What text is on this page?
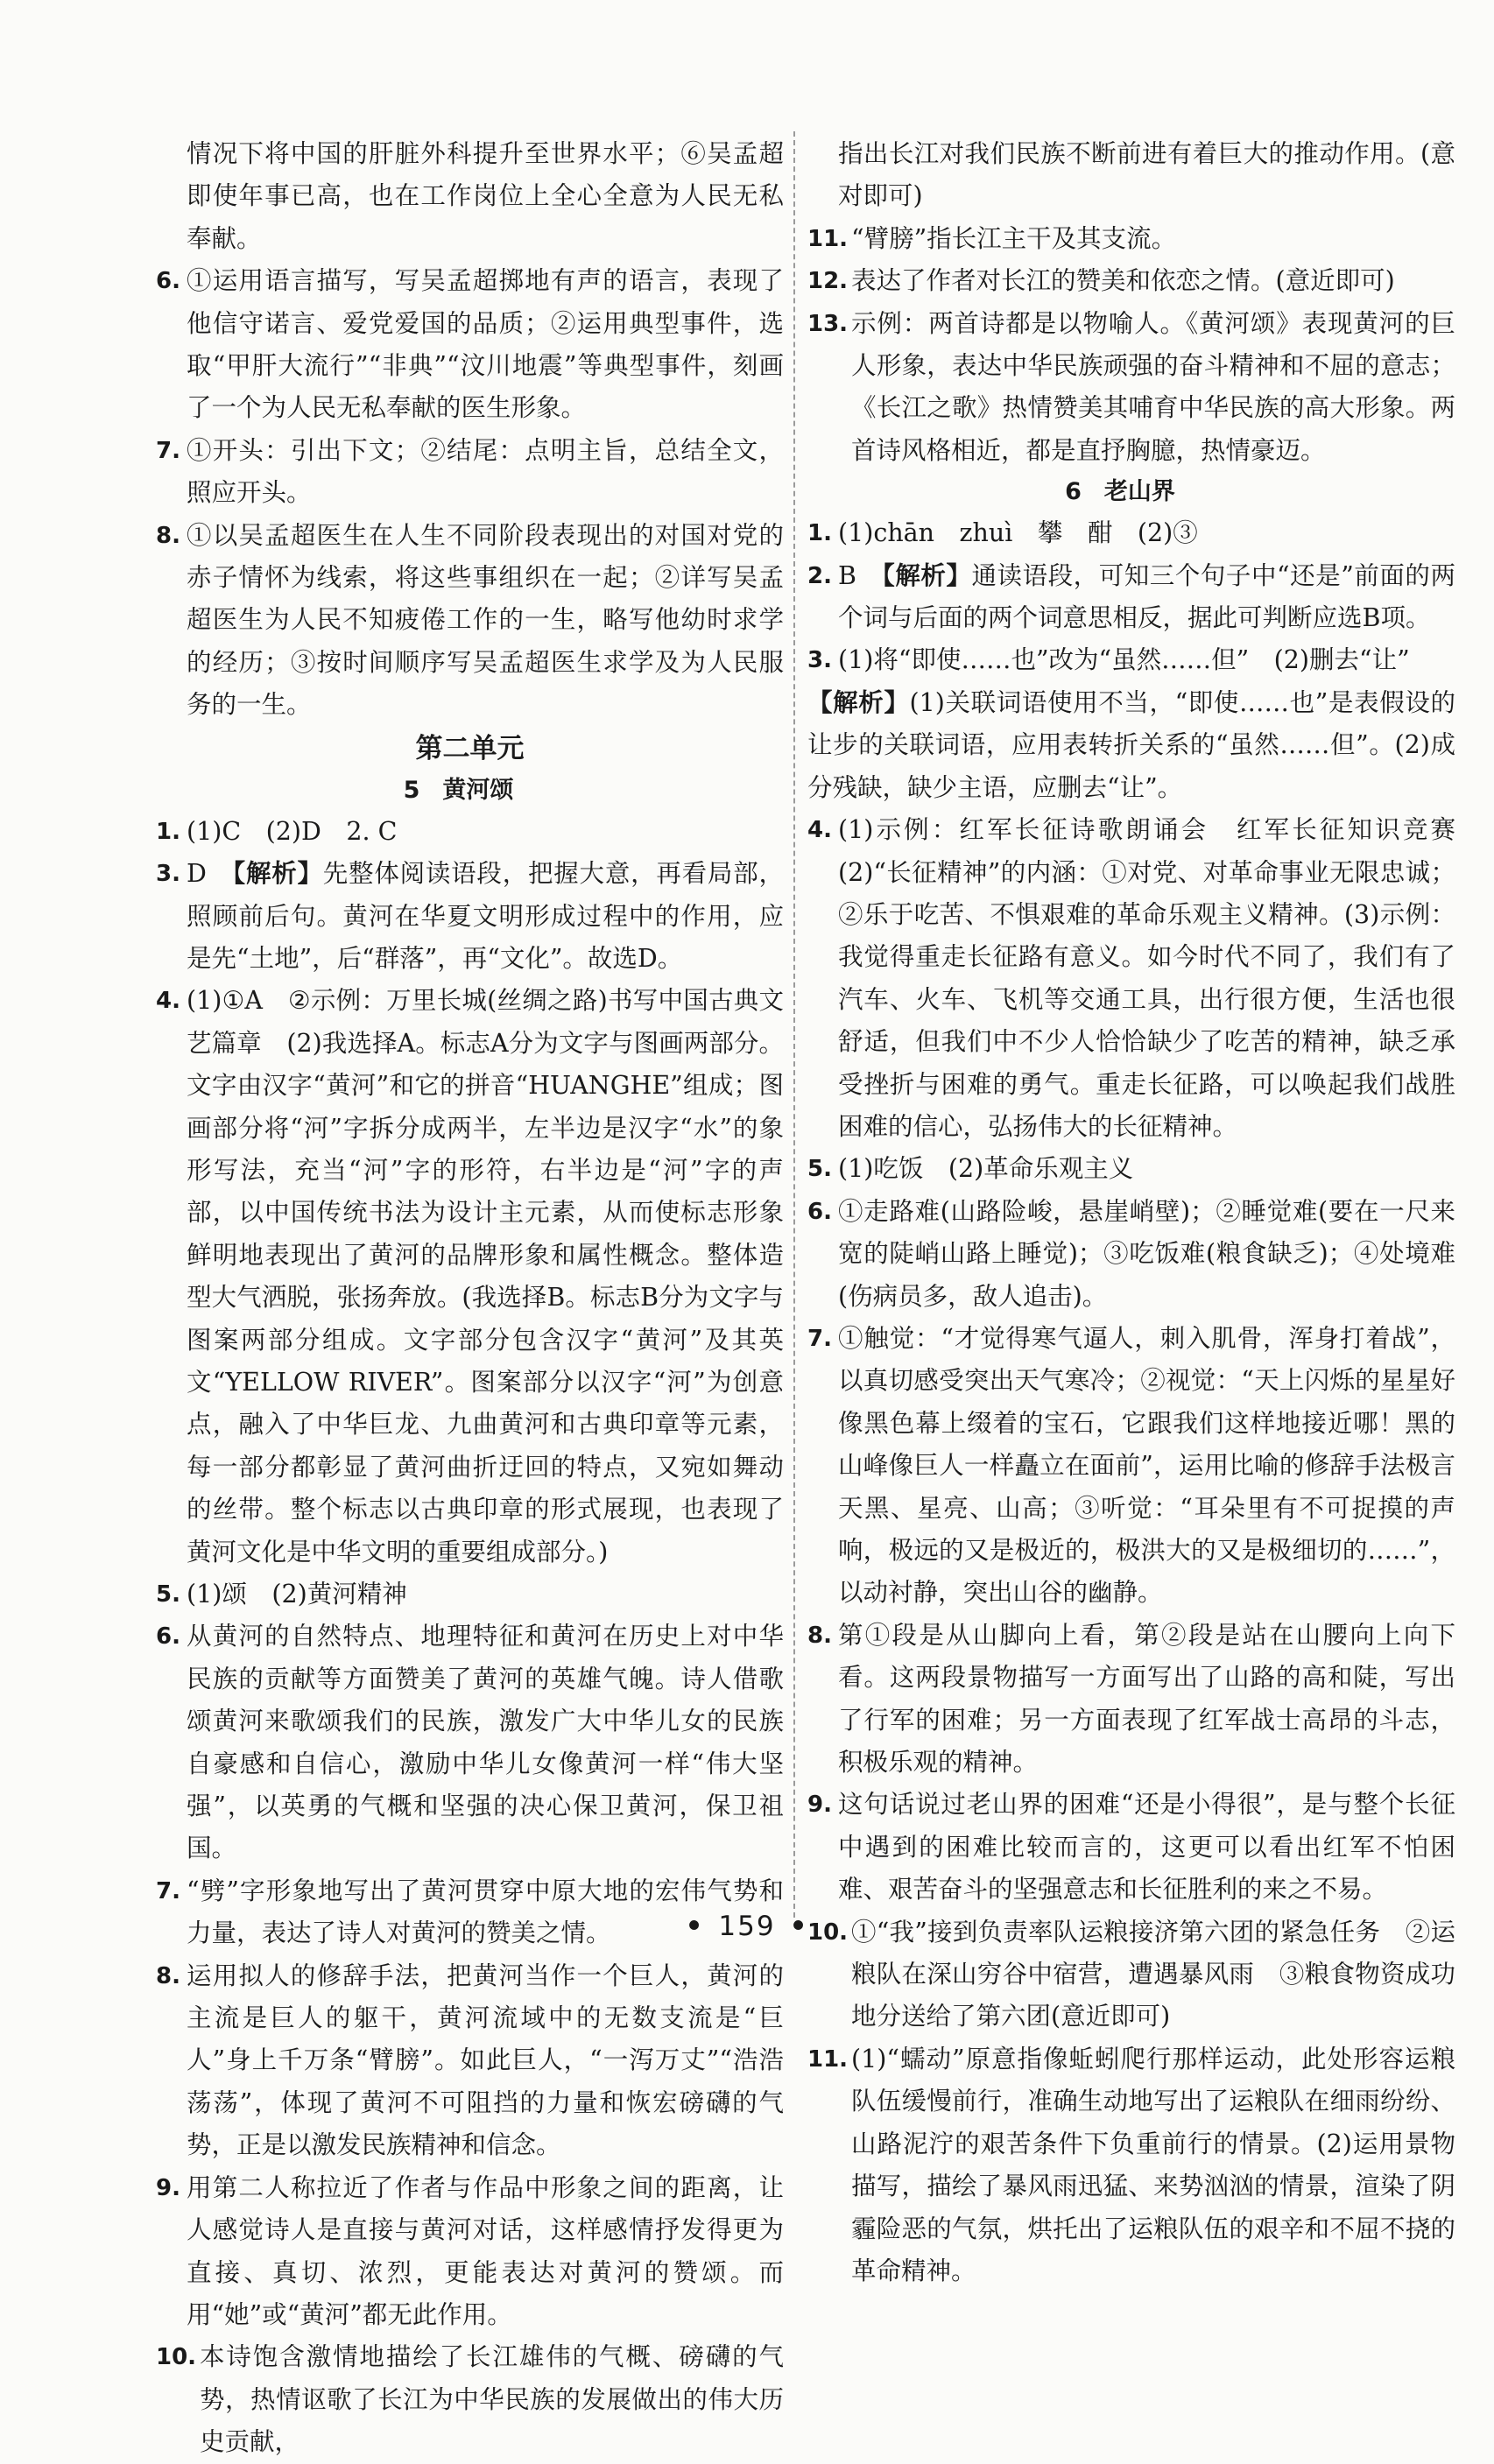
情况下将中国的肝脏外科提升至世界水平；⑥吴孟超即使年事已高，也在工作岗位上全心全意为人民无私奉献。
6. ①运用语言描写，写吴孟超掷地有声的语言，表现了他信守诺言、爱党爱国的品质；②运用典型事件，选取“甲肝大流行”“非典”“汶川地震”等典型事件，刻画了一个为人民无私奉献的医生形象。
7. ①开头：引出下文；②结尾：点明主旨，总结全文，照应开头。
8. ①以吴孟超医生在人生不同阶段表现出的对国对党的赤子情怀为线索，将这些事组织在一起；②详写吴孟超医生为人民不知疲倦工作的一生，略写他幼时求学的经历；③按时间顺序写吴孟超医生求学及为人民服务的一生。
第二单元
5 黄河颂
1. (1)C　(2)D　2. C
3. D　 【解析】先整体阅读语段，把握大意，再看局部，照顾前后句。黄河在华夏文明形成过程中的作用，应是先“土地”，后“群落”，再“文化”。故选D。
4. (1)①A　②示例：万里长城(丝绸之路)书写中国古典文艺篇章　(2)我选择A。标志A分为文字与图画两部分。文字由汉字“黄河”和它的拼音“HUANGHE”组成；图画部分将“河”字拆分成两半，左半边是汉字“水”的象形写法，充当“河”字的形符，右半边是“河”字的声部，以中国传统书法为设计主元素，从而使标志形象鲜明地表现出了黄河的品牌形象和属性概念。整体造型大气洒脱，张扬奔放。(我选择B。标志B分为文字与图案两部分组成。文字部分包含汉字“黄河”及其英文“YELLOW RIVER”。图案部分以汉字“河”为创意点，融入了中华巨龙、九曲黄河和古典印章等元素，每一部分都彰显了黄河曲折迂回的特点，又宛如舞动的丝带。整个标志以古典印章的形式展现，也表现了黄河文化是中华文明的重要组成部分。)
5. (1)颂　(2)黄河精神
6. 从黄河的自然特点、地理特征和黄河在历史上对中华民族的贡献等方面赞美了黄河的英雄气魄。诗人借歌颂黄河来歌颂我们的民族，激发广大中华儿女的民族自豪感和自信心，激励中华儿女像黄河一样“伟大坚强”，以英勇的气概和坚强的决心保卫黄河，保卫祖国。
7. “劈”字形象地写出了黄河贯穿中原大地的宏伟气势和力量，表达了诗人对黄河的赞美之情。
8. 运用拟人的修辞手法，把黄河当作一个巨人，黄河的主流是巨人的躯干，黄河流域中的无数支流是“巨人”身上千万条“臂膀”。如此巨人，“一泻万丈”“浩浩荡荡”，体现了黄河不可阻挡的力量和恢宏磅礴的气势，正是以激发民族精神和信念。
9. 用第二人称拉近了作者与作品中形象之间的距离，让人感觉诗人是直接与黄河对话，这样感情抒发得更为直接、真切、浓烈，更能表达对黄河的赞颂。而用“她”或“黄河”都无此作用。
10. 本诗饱含激情地描绘了长江雄伟的气概、磅礴的气势，热情讴歌了长江为中华民族的发展做出的伟大历史贡献，
指出长江对我们民族不断前进有着巨大的推动作用。(意对即可)
11. “臂膀”指长江主干及其支流。
12. 表达了作者对长江的赞美和依恋之情。(意近即可)
13. 示例：两首诗都是以物喻人。《黄河颂》表现黄河的巨人形象，表达中华民族顽强的奋斗精神和不屈的意志；《长江之歌》热情赞美其哺育中华民族的高大形象。两首诗风格相近，都是直抒胸臆，热情豪迈。
6 老山界
1. (1)chān　zhuì　攀　酣　(2)③
2. B　 【解析】通读语段，可知三个句子中“还是”前面的两个词与后面的两个词意思相反，据此可判断应选B项。
3. (1)将“即使……也”改为“虽然……但”　(2)删去“让”
【解析】(1)关联词语使用不当，“即使……也”是表假设的让步的关联词语，应用表转折关系的“虽然……但”。(2)成分残缺，缺少主语，应删去“让”。
4. (1)示例：红军长征诗歌朗诵会　红军长征知识竞赛　(2)“长征精神”的内涵：①对党、对革命事业无限忠诚；②乐于吃苦、不惧艰难的革命乐观主义精神。(3)示例：我觉得重走长征路有意义。如今时代不同了，我们有了汽车、火车、飞机等交通工具，出行很方便，生活也很舒适，但我们中不少人恰恰缺少了吃苦的精神，缺乏承受挫折与困难的勇气。重走长征路，可以唤起我们战胜困难的信心，弘扬伟大的长征精神。
5. (1)吃饭　(2)革命乐观主义
6. ①走路难(山路险峻，悬崖峭壁)；②睡觉难(要在一尺来宽的陡峭山路上睡觉)；③吃饭难(粮食缺乏)；④处境难(伤病员多，敌人追击)。
7. ①触觉：“才觉得寒气逼人，刺入肌骨，浑身打着战”，以真切感受突出天气寒冷；②视觉：“天上闪烁的星星好像黑色幕上缀着的宝石，它跟我们这样地接近哪！黑的山峰像巨人一样矗立在面前”，运用比喻的修辞手法极言天黑、星亮、山高；③听觉：“耳朵里有不可捉摸的声响，极远的又是极近的，极洪大的又是极细切的……”，以动衬静，突出山谷的幽静。
8. 第①段是从山脚向上看，第②段是站在山腰向上向下看。这两段景物描写一方面写出了山路的高和陡，写出了行军的困难；另一方面表现了红军战士高昂的斗志，积极乐观的精神。
9. 这句话说过老山界的困难“还是小得很”，是与整个长征中遇到的困难比较而言的，这更可以看出红军不怕困难、艰苦奋斗的坚强意志和长征胜利的来之不易。
10. ①“我”接到负责率队运粮接济第六团的紧急任务　②运粮队在深山穷谷中宿营，遭遇暴风雨　③粮食物资成功地分送给了第六团(意近即可)
11. (1)“蠕动”原意指像蚯蚓爬行那样运动，此处形容运粮队伍缓慢前行，准确生动地写出了运粮队在细雨纷纷、山路泥泞的艰苦条件下负重前行的情景。(2)运用景物描写，描绘了暴风雨迅猛、来势汹汹的情景，渲染了阴霾险恶的气氛，烘托出了运粮队伍的艰辛和不屈不挠的革命精神。
• 159 •
